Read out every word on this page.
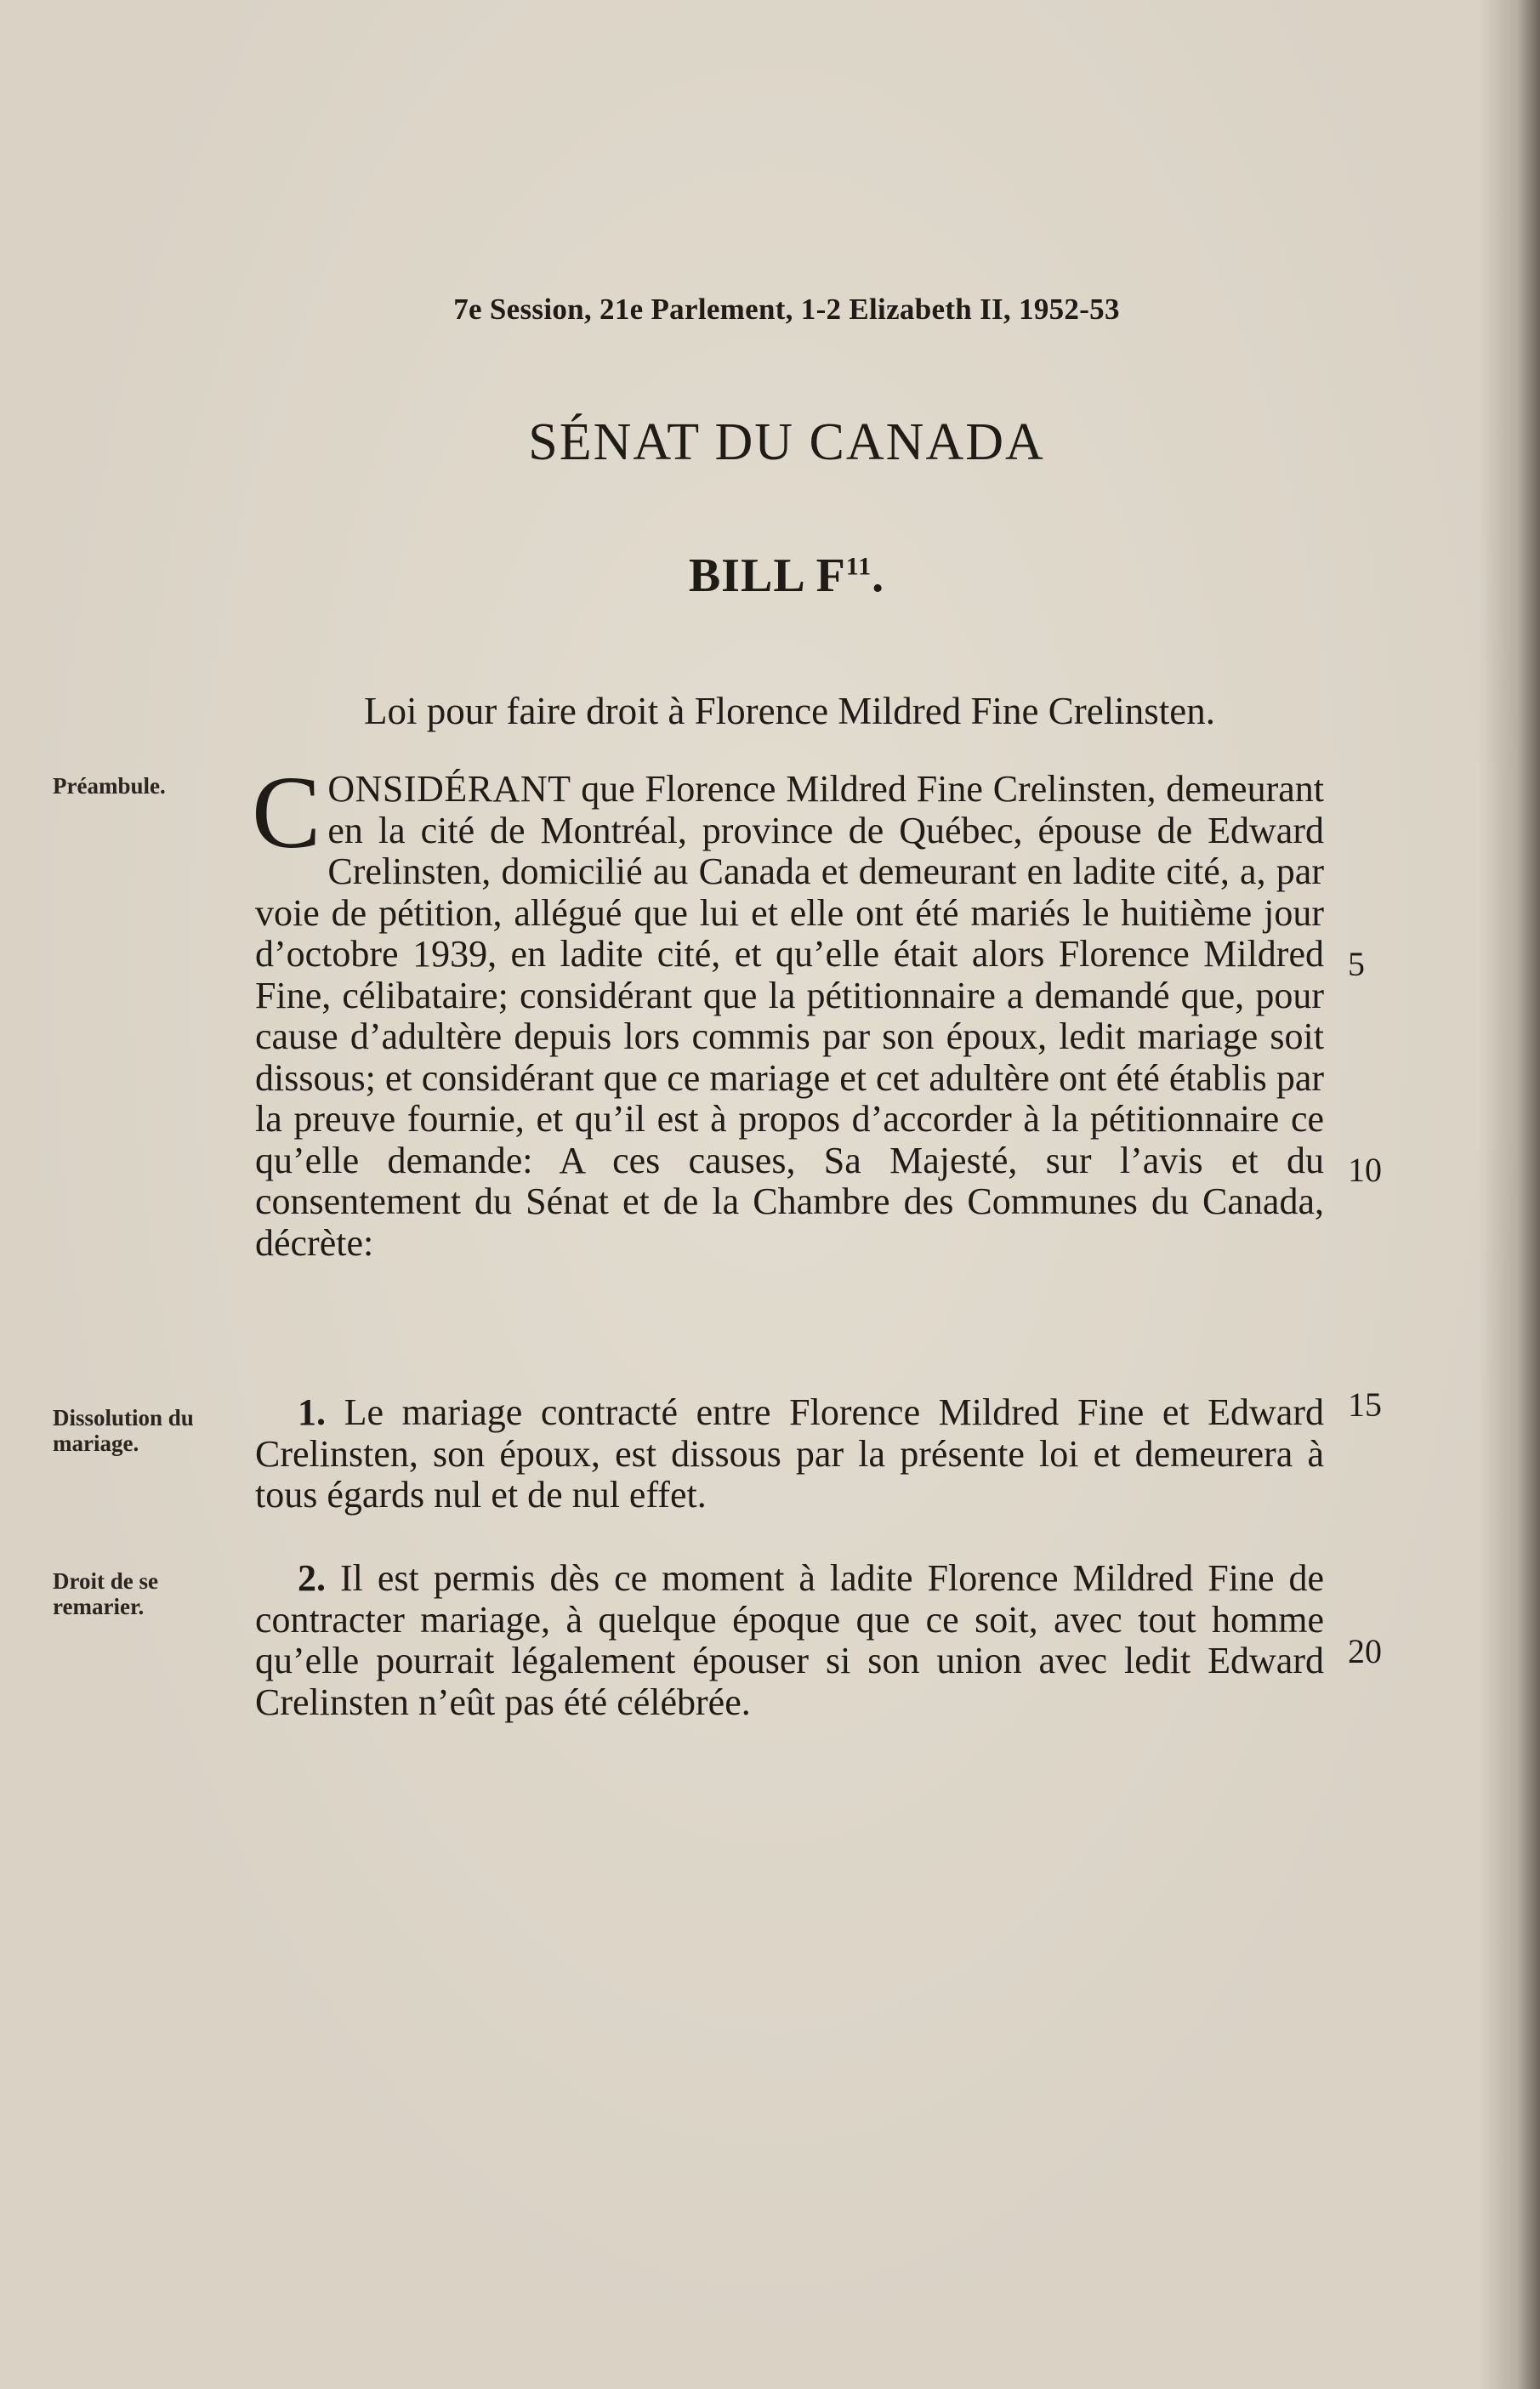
7e Session, 21e Parlement, 1-2 Elizabeth II, 1952-53
SÉNAT DU CANADA
BILL $F^{11}$.
Loi pour faire droit à Florence Mildred Fine Crelinsten.
Préambule.
Dissolution du mariage.
Droit de se remarier.
CONSIDÉRANT que Florence Mildred Fine Crelinsten, demeurant en la cité de Montréal, province de Québec, épouse de Edward Crelinsten, domicilié au Canada et demeurant en ladite cité, a, par voie de pétition, allégué que lui et elle ont été mariés le huitième jour d’octobre 1939, en ladite cité, et qu’elle était alors Florence Mildred Fine, célibataire; considérant que la pétitionnaire a demandé que, pour cause d’adultère depuis lors commis par son époux, ledit mariage soit dissous; et considérant que ce mariage et cet adultère ont été établis par la preuve fournie, et qu’il est à propos d’accorder à la pétitionnaire ce qu’elle demande: A ces causes, Sa Majesté, sur l’avis et du consentement du Sénat et de la Chambre des Communes du Canada, décrète:
1. Le mariage contracté entre Florence Mildred Fine et Edward Crelinsten, son époux, est dissous par la présente loi et demeurera à tous égards nul et de nul effet.
2. Il est permis dès ce moment à ladite Florence Mildred Fine de contracter mariage, à quelque époque que ce soit, avec tout homme qu’elle pourrait légalement épouser si son union avec ledit Edward Crelinsten n’eût pas été célébrée.
5
10
15
20
